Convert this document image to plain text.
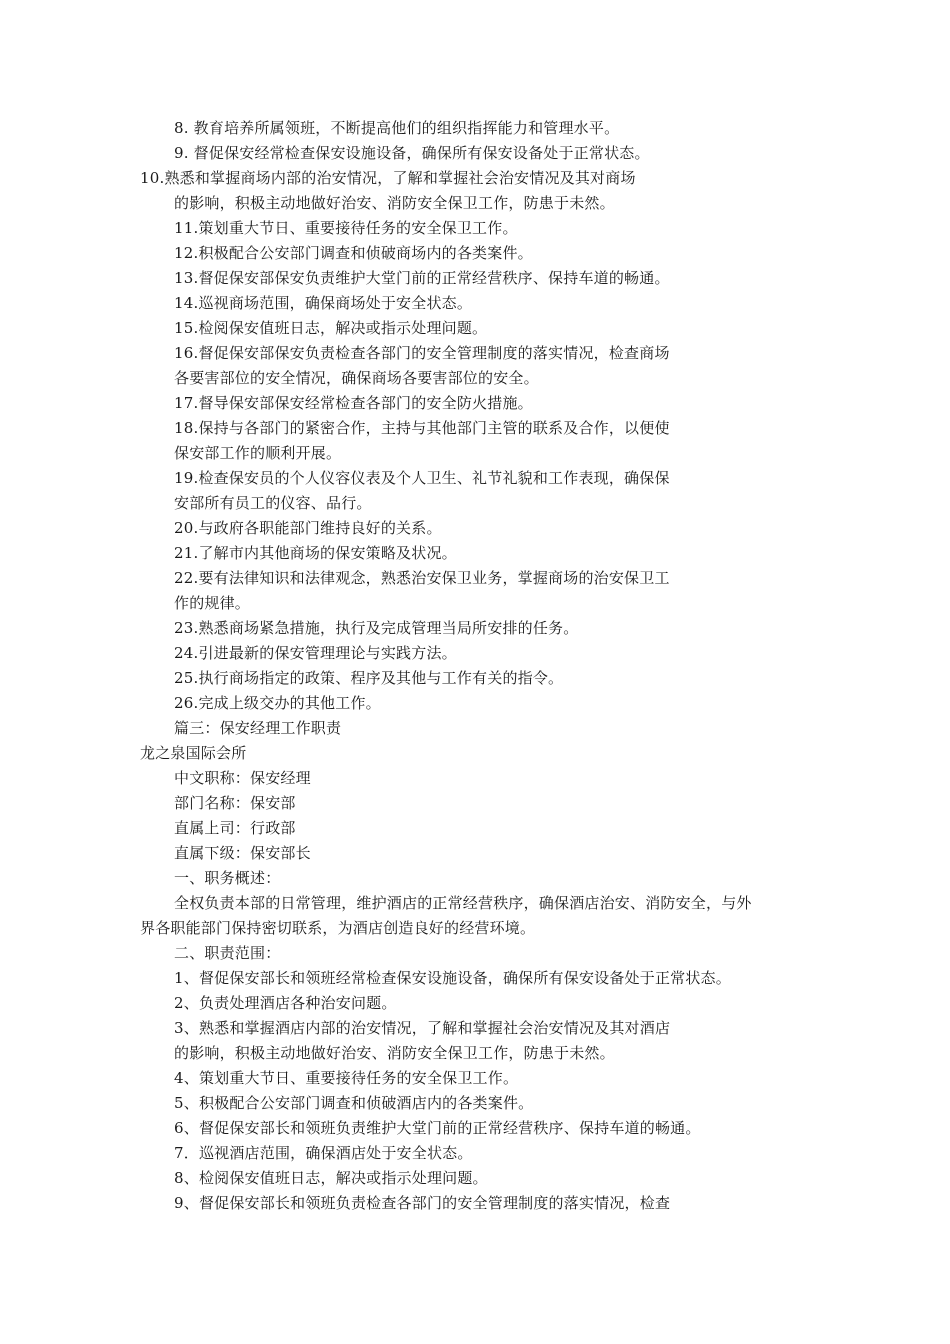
8. 教育培养所属领班，不断提高他们的组织指挥能力和管理水平。
9. 督促保安经常检查保安设施设备，确保所有保安设备处于正常状态。
10.熟悉和掌握商场内部的治安情况，了解和掌握社会治安情况及其对商场
的影响，积极主动地做好治安、消防安全保卫工作，防患于未然。
11.策划重大节日、重要接待任务的安全保卫工作。
12.积极配合公安部门调查和侦破商场内的各类案件。
13.督促保安部保安负责维护大堂门前的正常经营秩序、保持车道的畅通。
14.巡视商场范围，确保商场处于安全状态。
15.检阅保安值班日志，解决或指示处理问题。
16.督促保安部保安负责检查各部门的安全管理制度的落实情况，检查商场
各要害部位的安全情况，确保商场各要害部位的安全。
17.督导保安部保安经常检查各部门的安全防火措施。
18.保持与各部门的紧密合作，主持与其他部门主管的联系及合作，以便使
保安部工作的顺利开展。
19.检查保安员的个人仪容仪表及个人卫生、礼节礼貌和工作表现，确保保
安部所有员工的仪容、品行。
20.与政府各职能部门维持良好的关系。
21.了解市内其他商场的保安策略及状况。
22.要有法律知识和法律观念，熟悉治安保卫业务，掌握商场的治安保卫工
作的规律。
23.熟悉商场紧急措施，执行及完成管理当局所安排的任务。
24.引进最新的保安管理理论与实践方法。
25.执行商场指定的政策、程序及其他与工作有关的指令。
26.完成上级交办的其他工作。
篇三：保安经理工作职责
龙之泉国际会所
中文职称：保安经理
部门名称：保安部
直属上司：行政部
直属下级：保安部长
一、职务概述：
全权负责本部的日常管理，维护酒店的正常经营秩序，确保酒店治安、消防安全，与外
界各职能部门保持密切联系，为酒店创造良好的经营环境。
二、职责范围：
1、督促保安部长和领班经常检查保安设施设备，确保所有保安设备处于正常状态。
2、负责处理酒店各种治安问题。
3、熟悉和掌握酒店内部的治安情况，了解和掌握社会治安情况及其对酒店
的影响，积极主动地做好治安、消防安全保卫工作，防患于未然。
4、策划重大节日、重要接待任务的安全保卫工作。
5、积极配合公安部门调查和侦破酒店内的各类案件。
6、督促保安部长和领班负责维护大堂门前的正常经营秩序、保持车道的畅通。
7．巡视酒店范围，确保酒店处于安全状态。
8、检阅保安值班日志，解决或指示处理问题。
9、督促保安部长和领班负责检查各部门的安全管理制度的落实情况，检查
